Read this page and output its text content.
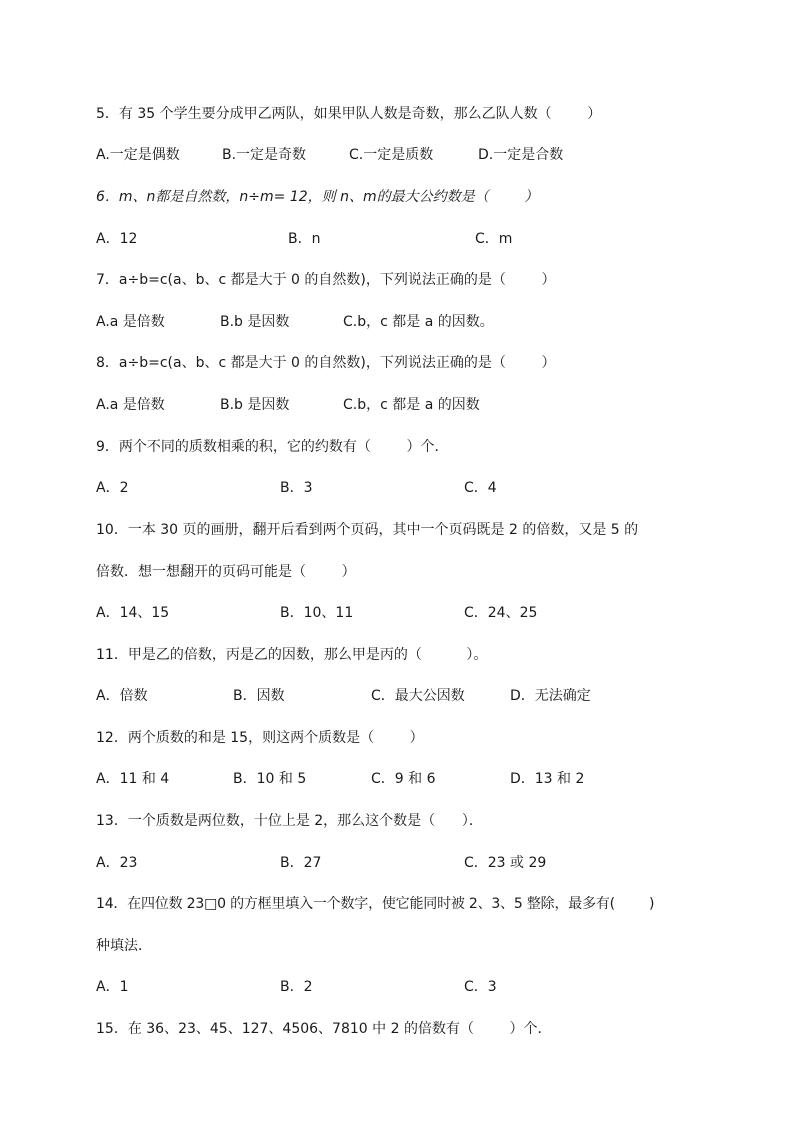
5．有 35 个学生要分成甲乙两队，如果甲队人数是奇数，那么乙队人数（        ）

A.一定是偶数

	B.一定是奇数

	C.一定是质数

	D.一定是合数

6．m、n都是自然数，n÷m= 12，则 n、m的最大公约数是（        ）

A．12

	B．n

	C．m

7．a÷b=c(a、b、c 都是大于 0 的自然数)，下列说法正确的是（        ）

A.a 是倍数

	B.b 是因数

	C.b，c 都是 a 的因数。

8．a÷b=c(a、b、c 都是大于 0 的自然数)，下列说法正确的是（        ）

A.a 是倍数

	B.b 是因数

	C.b，c 都是 a 的因数

9．两个不同的质数相乘的积，它的约数有（        ）个．

A．2

	B．3

	C．4

10．一本 30 页的画册，翻开后看到两个页码，其中一个页码既是 2 的倍数，又是 5 的

倍数．想一想翻开的页码可能是（        ）

A．14、15

	B．10、11

	C．24、25

11．甲是乙的倍数，丙是乙的因数，那么甲是丙的（          ）。

A．倍数

	B．因数

	C．最大公因数

	D．无法确定

12．两个质数的和是 15，则这两个质数是（        ）

A．11 和 4

	B．10 和 5

	C．9 和 6

	D．13 和 2

13．一个质数是两位数，十位上是 2，那么这个数是（      ）．

A．23

	B．27

	C．23 或 29

14．在四位数 23□0 的方框里填入一个数字，使它能同时被 2、3、5 整除，最多有(        )

种填法．

A．1

	B．2

	C．3

15．在 36、23、45、127、4506、7810 中 2 的倍数有（        ）个．
